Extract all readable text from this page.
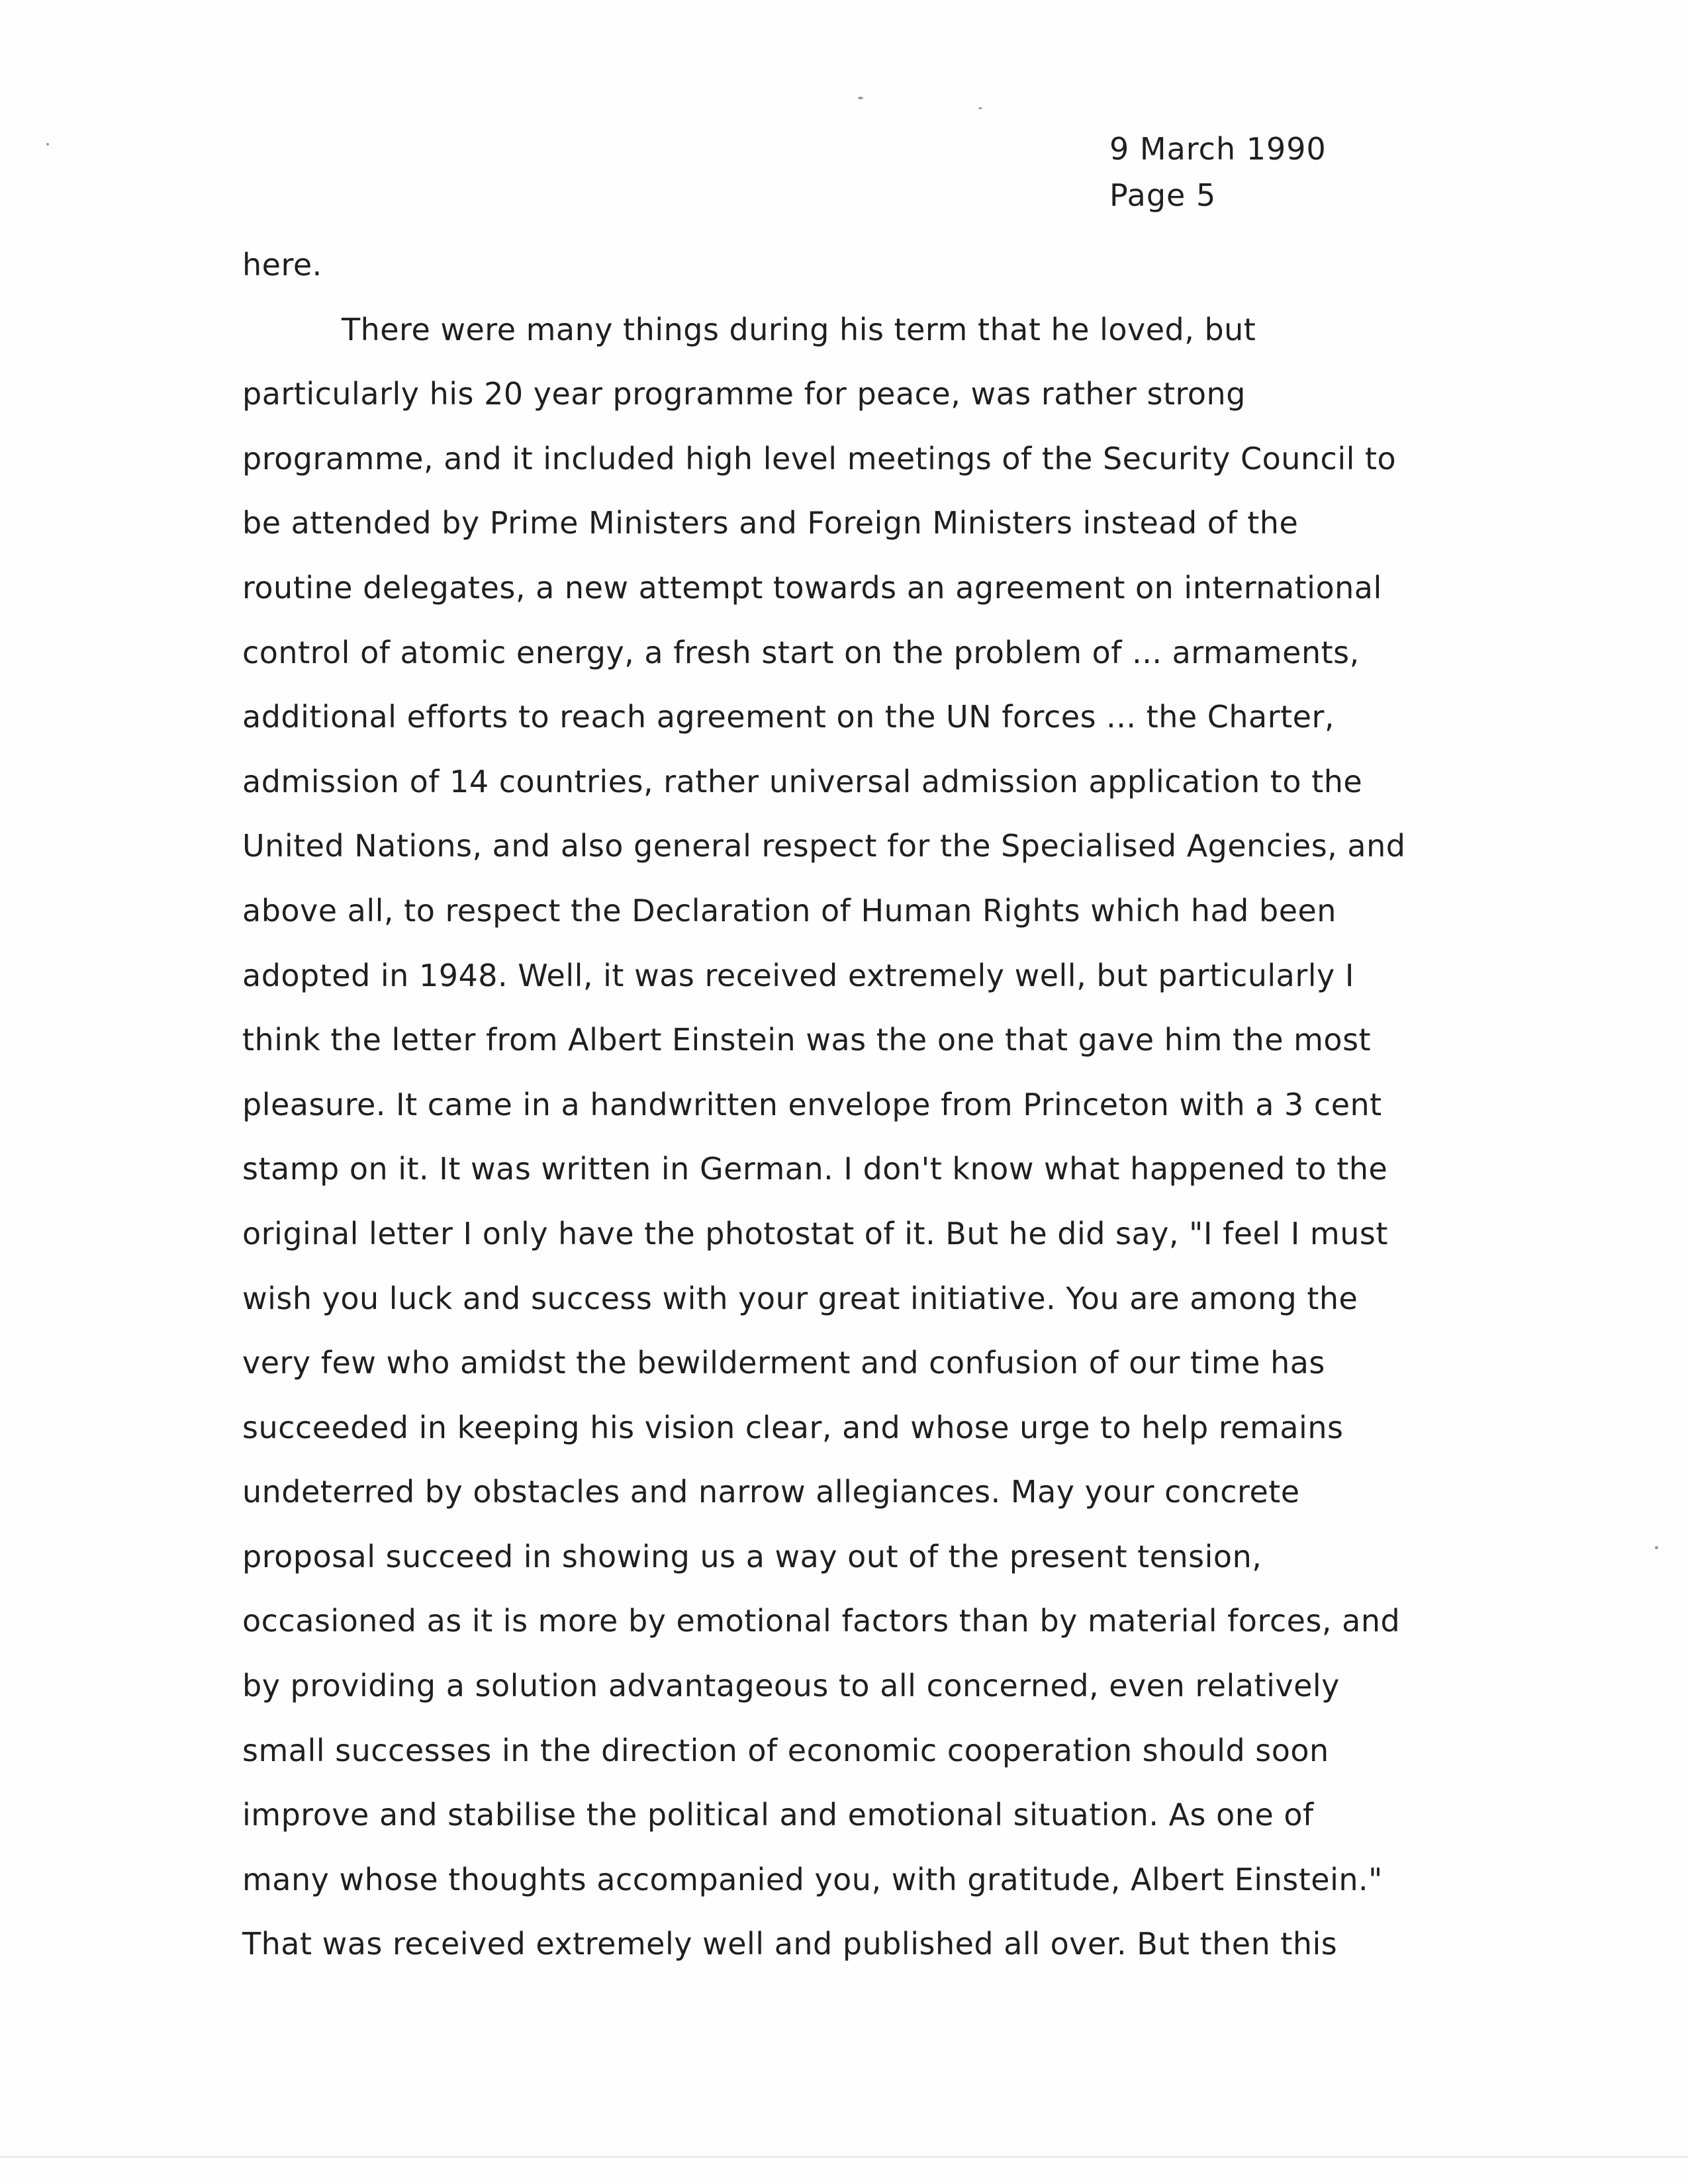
9 March 1990
Page 5
here.
There were many things during his term that he loved, but
particularly his 20 year programme for peace, was rather strong
programme, and it included high level meetings of the Security Council to
be attended by Prime Ministers and Foreign Ministers instead of the
routine delegates, a new attempt towards an agreement on international
control of atomic energy, a fresh start on the problem of ... armaments,
additional efforts to reach agreement on the UN forces ... the Charter,
admission of 14 countries, rather universal admission application to the
United Nations, and also general respect for the Specialised Agencies, and
above all, to respect the Declaration of Human Rights which had been
adopted in 1948. Well, it was received extremely well, but particularly I
think the letter from Albert Einstein was the one that gave him the most
pleasure. It came in a handwritten envelope from Princeton with a 3 cent
stamp on it. It was written in German. I don't know what happened to the
original letter I only have the photostat of it. But he did say, "I feel I must
wish you luck and success with your great initiative. You are among the
very few who amidst the bewilderment and confusion of our time has
succeeded in keeping his vision clear, and whose urge to help remains
undeterred by obstacles and narrow allegiances. May your concrete
proposal succeed in showing us a way out of the present tension,
occasioned as it is more by emotional factors than by material forces, and
by providing a solution advantageous to all concerned, even relatively
small successes in the direction of economic cooperation should soon
improve and stabilise the political and emotional situation. As one of
many whose thoughts accompanied you, with gratitude, Albert Einstein."
That was received extremely well and published all over. But then this
